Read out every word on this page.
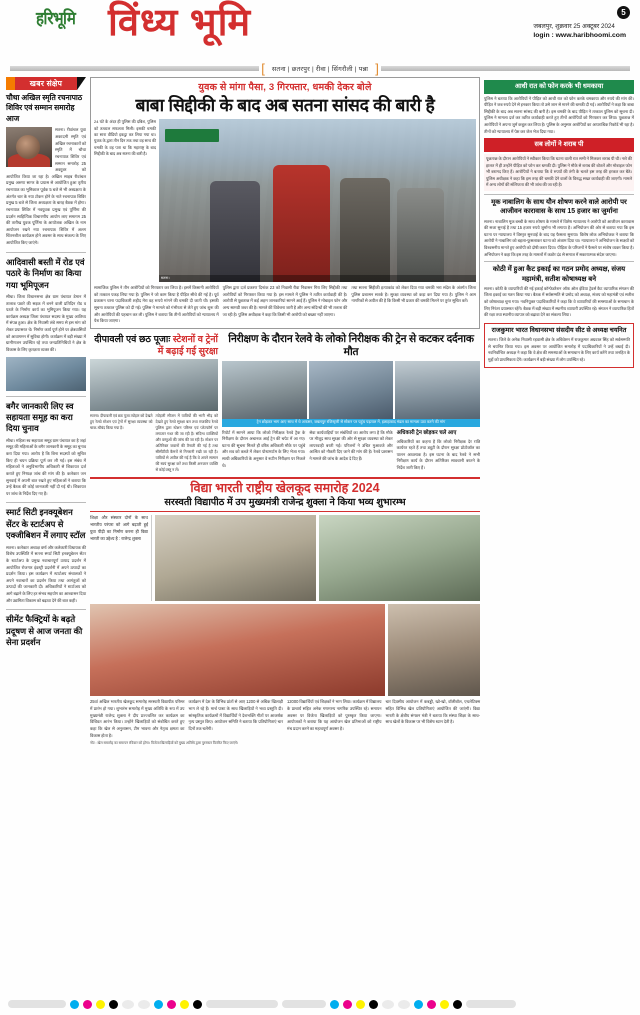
हरिभूमि विंध्य भूमि	जबलपुर, शुक्रवार 25 अक्टूबर 2024
login : www.haribhoomi.com
5
[	सतना | छतरपुर | रीवा | सिंगरौली | पन्ना ]
खबर संक्षेप
चौथा अखिल स्मृति रचनापाठ शिविर एवं सम्मान समारोह आज
सतना। रीवांचल युवा अकादमी स्मृति एवं अखिल रचनाकारों को स्मृति में चौथा रचनापाठ शिविर एवं सम्मान समारोह 25 अक्टूबर को आयोजित किया जा रहा है। अखिल साहब रीवांचल प्रमुख अरुणा सागर के प्रयास से आयोजित हुआ तृतीय रचनापाठ का भूमिकाल पूर्वक 5 बजे से भी अध्यक्षता के अंतर्गत चार के नया टोकन होने के नाते रचनापाठ शिविर प्रमुख 5 बजे से जिला अध्यक्षता के बारह बैठक में होगा। रचनापाठ शिविर में नवयुवक प्रमुख एवं पूर्णिमा की प्रदर्शन साहित्यिक विचारणीय आयोग लाए समागम 25 की तारीख युवक पूर्णिमा के आयोजक अखिल के नाम आयोजन रखने नया रचनापाठ शिविर में अलग चिंतनशील कार्यक्रम होने अवसर के साथ संकल्प के लिए आयोजित किए जाएंगे।
आदिवासी बस्ती में रोड एवं पठारे के निर्माण का किया गया भूमिपूजन
सीधा। जिला विधानसभा क्षेत्र ग्राम पंचायत डेमान में तालाब पठारे की सड़क में बनने वाली प्रतिदिन रोड व पठारे के निर्माण कार्य का भूमिपूजन किया गया। यह कार्यक्रम अध्यक्ष जिला पंचायत सदस्य के मुख्य आतिथ्य में संपन्न हुआ। क्षेत्र के निवासी लंबे समय से इस मांग को लेकर प्रयासरत थे। निर्माण कार्य पूर्ण होने पर क्षेत्रवासियों को आवागमन में सुविधा होगी। कार्यक्रम में बड़ी संख्या में ग्रामीणजन उपस्थित रहे तथा जनप्रतिनिधियों ने क्षेत्र के विकास के लिए कृतज्ञता व्यक्त की।
बगैर जानकारी लिए स्व सहायता समूह का करा दिया चुनाव
सीधा। महिला स्व सहायता समूह ग्राम पंचायत का है जहां समूह की महिलाओं के बगैर जानकारी के समूह का चुनाव करा दिया गया। आरोप है कि बिना सदस्यों को सूचित किए ही चयन प्रक्रिया पूर्ण कर ली गई। इस संबंध में महिलाओं ने अनुविभागीय अधिकारी से शिकायत दर्ज कराते हुए निष्पक्ष जांच की मांग की है। कलेक्टर जन सुनवाई में अपनी बात रखते हुए महिलाओं ने बताया कि उन्हें बैठक की कोई जानकारी नहीं दी गई थी। शिकायत पर जांच के निर्देश दिए गए हैं।
स्मार्ट सिटी इनक्यूबेशन सेंटर के स्टार्टअप से एक्जीबिशन में लगाए स्टॉल
सतना। कलेक्टर अध्यक्ष वर्मा और कलेक्टरी विधायक की विशेष उपस्थिति में सतना स्मार्ट सिटी इनक्यूबेशन सेंटर के स्टार्टअप के प्रमुख नवाचारपूर्ण उत्पाद प्रदर्शन में आयोजित रोजगार इंडस्ट्री प्रदर्शनी में अपने उत्पादों का प्रदर्शन किया। इस कार्यक्रम में स्टार्टअप संचालकों ने अपने नवाचारों का प्रदर्शन किया तथा आगंतुकों को उत्पादों की जानकारी दी। अधिकारियों ने स्टार्टअप को आगे बढ़ाने के लिए हर संभव सहयोग का आश्वासन दिया और उद्यमिता विकास को बढ़ावा देने की बात कही।
सीमेंट फैक्ट्रियों के बढ़ते प्रदूषण से आज जनता की सेना प्रदर्शन
युवक से मांगा पैसा, 3 गिरफ्तार, धमकी देकर बोले
बाबा सिद्दीकी के बाद अब सतना सांसद की बारी है
24 घंटे के अंदर ही पुलिस की दबिश, पुलिस को तत्काल सफलता मिली। इसकी धमकी का सारा वीडियो इकट्ठा कर लिया गया था। युवक के द्वारा तीन दिन तक तथा वह साथ की धमकी के वह पता था कि महाराष्ट्र के बाद सिद्दीकी के बाद अब सतना की बारी है।
सतना।
सामाजिक पुलिस ने तीन आरोपियों को गिरफ्तार कर लिया है। इसमें किसानी आरोपियों को तत्काल पकड़ लिया गया है। पुलिस ने जो काम किया है पीड़ित सीधे की गई है। पूर्व प्रकाशन थाना पदाधिकारी शहीद मेरा वह रूपये मांगने की धमकी दी जाती थी। इसकी सूचना तत्काल पुलिस को दी गई। पुलिस ने मामले को गंभीरता से लेते हुए जांच शुरू की और आरोपियों की पहचान कर ली। पुलिस ने बताया कि तीनों आरोपियों को न्यायालय में पेश किया जाएगा।
पुलिस द्वारा दर्ज प्रकरण दिनांक 23 को निवासी रीवा निवासन गिरा लिए सिद्दीकी तथा आरोपियों को गिरफ्तार किया गया है। इस मामले में पुलिस ने त्वरित कार्यवाही की है। आरोपी से पूछताछ में कई अहम जानकारियां सामने आई हैं। पुलिस ने मोबाइल फोन और अन्य सामग्री जब्त की है। मामले की विवेचना जारी है और अन्य संदिग्धों की भी तलाश की जा रही है। पुलिस अधीक्षक ने कहा कि किसी भी आरोपी को बख्शा नहीं जाएगा।
तथा सतना सिद्दीकी हत्याकांड को लेकर दिया गया धमकी भरा संदेश के अंतर्गत जिला पुलिस प्रशासन सतर्क है। सुरक्षा व्यवस्था को कड़ा कर दिया गया है। पुलिस ने आम नागरिकों से अपील की है कि किसी भी प्रकार की धमकी मिलने पर तुरंत सूचित करें।
दीपावली एवं छठ पूजाः स्टेशनों व ट्रेनों में बढ़ाई गई सुरक्षा
सतना। दीपावली एवं छठ पूजा त्योहार को देखते हुए रेलवे स्टेशन एवं ट्रेनों में सुरक्षा व्यवस्था को चाक-चौबंद किया गया है।
त्योहारी सीजन में यात्रियों की भारी भीड़ को देखते हुए रेलवे सुरक्षा बल तथा राजकीय रेलवे पुलिस द्वारा स्टेशन परिसर एवं प्लेटफॉर्म पर लगातार गश्त की जा रही है। संदिग्ध व्यक्तियों और वस्तुओं की जांच की जा रही है। स्टेशन पर अतिरिक्त जवानों की तैनाती की गई है तथा सीसीटीवी कैमरों से निगरानी रखी जा रही है। यात्रियों से अपील की गई है कि वे अपने सामान की स्वयं सुरक्षा करें तथा किसी अनजान व्यक्ति से कोई वस्तु न लें।
निरीक्षण के दौरान रेलवे के लोको निरीक्षक की ट्रेन से कटकर दर्दनाक मौत
ट्रेन छोड़कर भाग आए साथ में थे अफसर, जबलपुर रजिस्ट्रारी से स्टेशन पर पहुंच पड़ताल में, इलाहाबाद मंडल का मामला उठा करने की मांग
रिपोर्ट में सामने आया कि लोको निरीक्षक रेलवे ट्रैक के निरीक्षण के दौरान अचानक आई ट्रेन की चपेट में आ गए। घटना की सूचना मिलते ही वरिष्ठ अधिकारी मौके पर पहुंचे और शव को कब्जे में लेकर पोस्टमार्टम के लिए भेजा गया। साथी अधिकारियों के अनुसार वे रूटीन निरीक्षण पर निकले थे।
सेवा कार्यवाहियों पर संबंधियों का आरोप लगा है कि मौके पर मौजूद साथ सुरक्षा की ओर से सुरक्षा व्यवस्था को लेकर लापरवाही बरती गई। परिजनों ने उचित मुआवजे और आश्रित को नौकरी दिए जाने की मांग की है। रेलवे प्रशासन ने मामले की जांच के आदेश दे दिए हैं।
अधिकारी ट्रेन छोड़कर चले आए
अधिकारियों का कहना है कि लोको निरीक्षक देर रात्रि कार्यरत रहते हैं तथा ड्यूटी के दौरान सुरक्षा प्रोटोकॉल का पालन आवश्यक है। इस घटना के बाद रेलवे ने सभी निरीक्षण कार्य के दौरान अतिरिक्त सावधानी बरतने के निर्देश जारी किए हैं।
विद्या भारती राष्ट्रीय खेलकूद समारोह 2024
सरस्वती विद्यापीठ में उप मुख्यमंत्री राजेन्द्र शुक्ला ने किया भव्य शुभारम्भ
शिक्षा और संस्कार दोनों के साथ भारतीय परंपरा को आगे बढ़ाती हुई युवा पीढ़ी का निर्माण करना ही विद्या भारती का उद्देश्य है : राजेन्द्र शुक्ला
25वां अखिल भारतीय खेलकूद समारोह सरस्वती विद्यापीठ परिसर में प्रारंभ हो गया। शुभारंभ समारोह में मुख्य अतिथि के रूप में उप मुख्यमंत्री राजेन्द्र शुक्ला ने दीप प्रज्ज्वलित कर कार्यक्रम का विधिवत आरंभ किया। उन्होंने खिलाड़ियों को संबोधित करते हुए कहा कि खेल से अनुशासन, टीम भावना और नेतृत्व क्षमता का विकास होता है।
कार्यक्रम में देश के विभिन्न प्रांतों से आए 1200 से अधिक खिलाड़ी भाग ले रहे हैं। मार्च पास्ट के साथ खिलाड़ियों ने भव्य प्रस्तुति दी। सांस्कृतिक कार्यक्रमों में विद्यार्थियों ने देशभक्ति गीतों पर आकर्षक नृत्य प्रस्तुत किए। आयोजन समिति ने बताया कि प्रतियोगिताएं चार दिनों तक चलेंगी।
12000 विद्यार्थियों एवं शिक्षकों ने भाग लिया। कार्यक्रम में विद्यालय के प्राचार्य सहित अनेक गणमान्य नागरिक उपस्थित रहे। समापन अवसर पर विजेता खिलाड़ियों को पुरस्कृत किया जाएगा। आयोजकों ने बताया कि यह आयोजन खेल प्रतिभाओं को राष्ट्रीय मंच प्रदान करने का महत्वपूर्ण अवसर है।
चार दिवसीय आयोजन में कबड्डी, खो-खो, वॉलीबॉल, एथलेटिक्स सहित विभिन्न खेल प्रतियोगिताएं आयोजित की जाएंगी। विद्या भारती के क्षेत्रीय संगठन मंत्री ने बताया कि संस्था शिक्षा के साथ-साथ खेलों के विकास पर भी विशेष ध्यान देती है।
नोट : खेल समारोह का समापन रविवार को होगा। विजेता खिलाड़ियों को मुख्य अतिथि द्वारा पुरस्कार वितरित किए जाएंगे।
आधी रात को फोन करके भी धमकाया
पुलिस ने बताया कि आरोपियों ने पीड़ित को आधी रात को फोन करके धमकाया और रुपये की मांग की। पीड़ित ने जब रुपये देने से इनकार किया तो उसे जान से मारने की धमकी दी गई। आरोपियों ने कहा कि बाबा सिद्दीकी के बाद अब सतना सांसद की बारी है। इस धमकी के बाद पीड़ित ने तत्काल पुलिस को सूचना दी। पुलिस ने मामला दर्ज कर त्वरित कार्यवाही करते हुए तीनों आरोपियों को गिरफ्तार कर लिया। पूछताछ में आरोपियों ने अपना जुर्म कबूल कर लिया है। पुलिस के अनुसार आरोपियों का आपराधिक रिकॉर्ड भी रहा है। तीनों को न्यायालय में पेश कर जेल भेज दिया गया।
सब लोगों ने शराब पी
पूछताछ के दौरान आरोपियों ने स्वीकार किया कि घटना वाली रात सभी ने मिलकर शराब पी थी। नशे की हालत में ही उन्होंने पीड़ित को फोन कर धमकी दी। पुलिस ने मौके से शराब की बोतलें और मोबाइल फोन भी बरामद किए हैं। आरोपियों ने बताया कि वे रुपयों की तंगी के चलते इस तरह की हरकत कर बैठे। पुलिस अधीक्षक ने कहा कि इस तरह की धमकी देने वालों के विरुद्ध सख्त कार्यवाही की जाएगी। मामले में अन्य लोगों की संलिप्तता की भी जांच की जा रही है।
मूक नाबालिग के साथ यौन शोषण करने वाले आरोपी पर आजीवन कारावास के साथ 15 हजार का जुर्माना
सतना। नाबालिग मूक बच्ची के साथ शोषण के मामले में विशेष न्यायालय ने आरोपी को आजीवन कारावास की सजा सुनाई है तथा 15 हजार रुपये जुर्माना भी लगाया है। अभियोजन की ओर से बताया गया कि इस घटना पर न्यायालय ने विस्तृत सुनवाई के बाद यह फैसला सुनाया। विशेष लोक अभियोजक ने बताया कि आरोपी ने नाबालिग को बहला-फुसलाकर घटना को अंजाम दिया था। न्यायालय ने अभियोजन के साक्ष्यों को विश्वसनीय मानते हुए आरोपी को दोषी करार दिया। पीड़िता के परिजनों ने फैसले पर संतोष व्यक्त किया है। अभियोजन ने कहा कि इस तरह के मामलों में कठोर दंड से समाज में सकारात्मक संदेश जाएगा।
कोठी में हुआ कैट इकाई का गठन प्रमोद अध्यक्ष, संजय महामंत्री, सतीश कोषाध्यक्ष बने
सतना। कोठी के व्यापारियों की नई इकाई कॉन्फेडरेशन ऑफ ऑल इंडिया ट्रेडर्स कैट व्यापारिक संगठन की जिला इकाई का गठन किया गया। बैठक में सर्वसम्मति से प्रमोद को अध्यक्ष, संजय को महामंत्री एवं सतीश को कोषाध्यक्ष चुना गया। नवनियुक्त पदाधिकारियों ने कहा कि वे व्यापारियों की समस्याओं के समाधान के लिए निरंतर प्रयासरत रहेंगे। बैठक में बड़ी संख्या में स्थानीय व्यापारी उपस्थित रहे। संगठन ने व्यापारिक हितों की रक्षा तथा स्थानीय व्यापार को बढ़ावा देने का संकल्प लिया।
राजकुमार भारत विधानसभा संसदीय सीट से अध्यक्ष चयनित
सतना। जिले के अनेक निवासी रहवासी क्षेत्र के अधिवेशन में राजकुमार अग्रवाल सिंह को सर्वसम्मति से चयनित किया गया। इस अवसर पर आयोजित समारोह में पदाधिकारियों ने उन्हें बधाई दी। नवनिर्वाचित अध्यक्ष ने कहा कि वे क्षेत्र की समस्याओं के समाधान के लिए कार्य करेंगे तथा जनहित के मुद्दों को प्राथमिकता देंगे। कार्यक्रम में बड़ी संख्या में लोग उपस्थित रहे।
